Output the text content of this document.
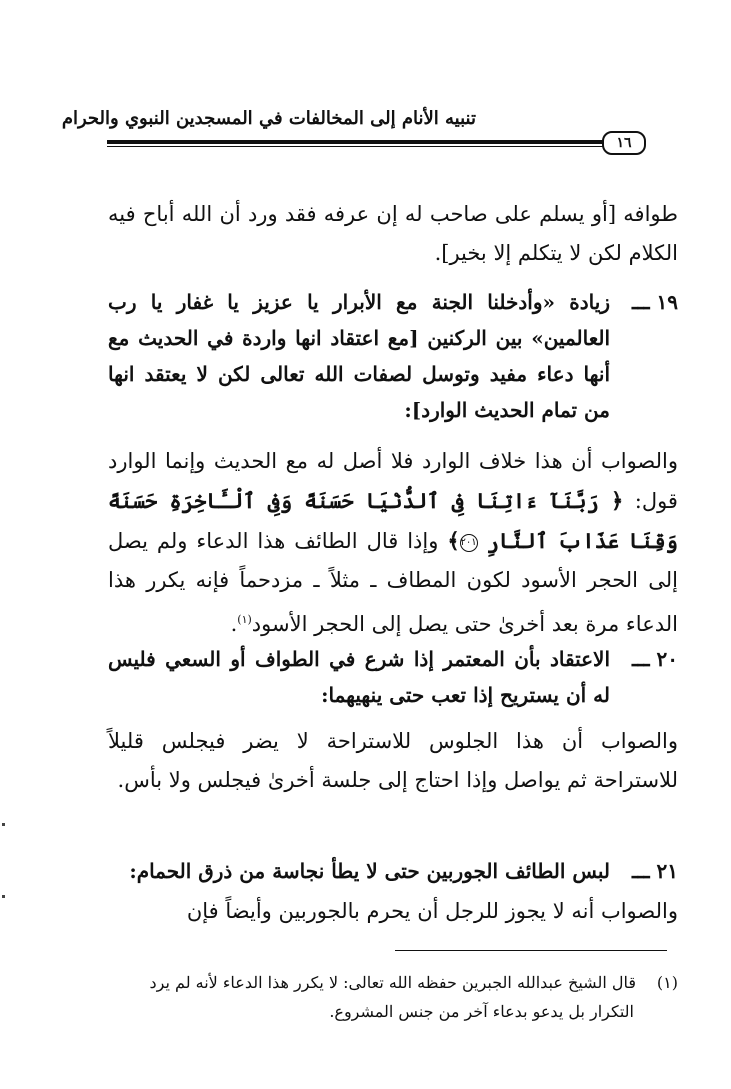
تنبيه الأنام إلى المخالفات في المسجدين النبوي والحرام
١٦
طوافه [أو يسلم على صاحب له إن عرفه فقد ورد أن الله أباح فيه الكلام لكن لا يتكلم إلا بخير].
١٩ ـــ
زيادة «وأدخلنا الجنة مع الأبرار يا عزيز يا غفار يا رب العالمين» بين الركنين [مع اعتقاد انها واردة في الحديث مع أنها دعاء مفيد وتوسل لصفات الله تعالى لكن لا يعتقد انها من تمام الحديث الوارد]:
والصواب أن هذا خلاف الوارد فلا أصل له مع الحديث وإنما الوارد قول: ﴿ رَبَّنَآ ءَاتِنَا فِى ٱلدُّنْيَا حَسَنَةً وَفِى ٱلْـَٔاخِرَةِ حَسَنَةً وَقِنَا عَذَابَ ٱلنَّارِ ٢٠١﴾ وإذا قال الطائف هذا الدعاء ولم يصل إلى الحجر الأسود لكون المطاف ـ مثلاً ـ مزدحماً فإنه يكرر هذا الدعاء مرة بعد أخرىٰ حتى يصل إلى الحجر الأسود$^{(١)}$.
٢٠ ـــ
الاعتقاد بأن المعتمر إذا شرع في الطواف أو السعي فليس له أن يستريح إذا تعب حتى ينهيهما:
والصواب أن هذا الجلوس للاستراحة لا يضر فيجلس قليلاً للاستراحة ثم يواصل وإذا احتاج إلى جلسة أخرىٰ فيجلس ولا بأس.
٢١ ـــ
لبس الطائف الجوربين حتى لا يطأ نجاسة من ذرق الحمام:
والصواب أنه لا يجوز للرجل أن يحرم بالجوربين وأيضاً فإن
(١)قال الشيخ عبدالله الجبرين حفظه الله تعالى: لا يكرر هذا الدعاء لأنه لم يرد
التكرار بل يدعو بدعاء آخر من جنس المشروع.
